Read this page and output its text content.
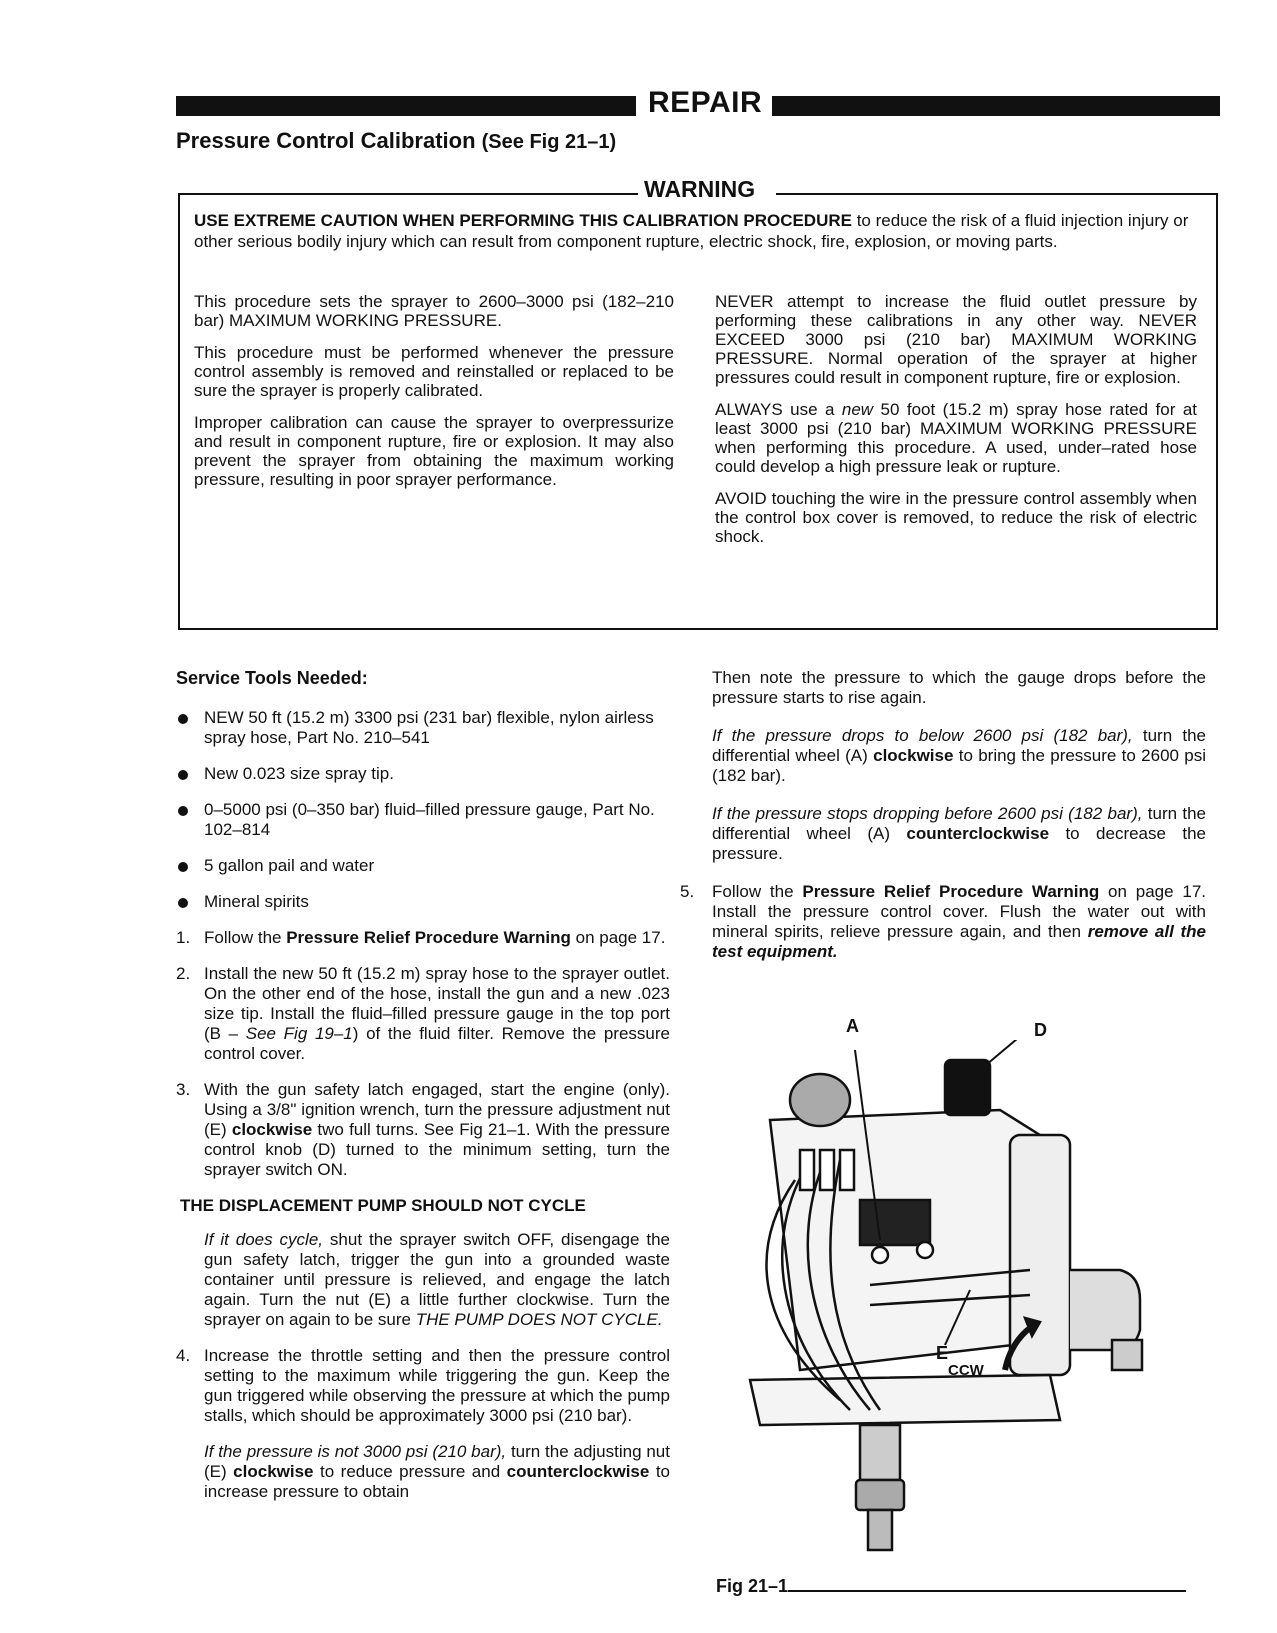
REPAIR
Pressure Control Calibration (See Fig 21–1)
WARNING
USE EXTREME CAUTION WHEN PERFORMING THIS CALIBRATION PROCEDURE to reduce the risk of a fluid injection injury or other serious bodily injury which can result from component rupture, electric shock, fire, explosion, or moving parts.

This procedure sets the sprayer to 2600–3000 psi (182–210 bar) MAXIMUM WORKING PRESSURE.

This procedure must be performed whenever the pressure control assembly is removed and reinstalled or replaced to be sure the sprayer is properly calibrated.

Improper calibration can cause the sprayer to overpressurize and result in component rupture, fire or explosion. It may also prevent the sprayer from obtaining the maximum working pressure, resulting in poor sprayer performance.

NEVER attempt to increase the fluid outlet pressure by performing these calibrations in any other way. NEVER EXCEED 3000 psi (210 bar) MAXIMUM WORKING PRESSURE. Normal operation of the sprayer at higher pressures could result in component rupture, fire or explosion.

ALWAYS use a new 50 foot (15.2 m) spray hose rated for at least 3000 psi (210 bar) MAXIMUM WORKING PRESSURE when performing this procedure. A used, under–rated hose could develop a high pressure leak or rupture.

AVOID touching the wire in the pressure control assembly when the control box cover is removed, to reduce the risk of electric shock.

Service Tools Needed:
NEW 50 ft (15.2 m) 3300 psi (231 bar) flexible, nylon airless spray hose, Part No. 210–541
New 0.023 size spray tip.
0–5000 psi (0–350 bar) fluid–filled pressure gauge, Part No. 102–814
5 gallon pail and water
Mineral spirits
1. Follow the Pressure Relief Procedure Warning on page 17.
2. Install the new 50 ft (15.2 m) spray hose to the sprayer outlet. On the other end of the hose, install the gun and a new .023 size tip. Install the fluid–filled pressure gauge in the top port (B – See Fig 19–1) of the fluid filter. Remove the pressure control cover.
3. With the gun safety latch engaged, start the engine (only). Using a 3/8" ignition wrench, turn the pressure adjustment nut (E) clockwise two full turns. See Fig 21–1. With the pressure control knob (D) turned to the minimum setting, turn the sprayer switch ON.
THE DISPLACEMENT PUMP SHOULD NOT CYCLE
If it does cycle, shut the sprayer switch OFF, disengage the gun safety latch, trigger the gun into a grounded waste container until pressure is relieved, and engage the latch again. Turn the nut (E) a little further clockwise. Turn the sprayer on again to be sure THE PUMP DOES NOT CYCLE.
4. Increase the throttle setting and then the pressure control setting to the maximum while triggering the gun. Keep the gun triggered while observing the pressure at which the pump stalls, which should be approximately 3000 psi (210 bar).
If the pressure is not 3000 psi (210 bar), turn the adjusting nut (E) clockwise to reduce pressure and counterclockwise to increase pressure to obtain
Then note the pressure to which the gauge drops before the pressure starts to rise again.
If the pressure drops to below 2600 psi (182 bar), turn the differential wheel (A) clockwise to bring the pressure to 2600 psi (182 bar).
If the pressure stops dropping before 2600 psi (182 bar), turn the differential wheel (A) counterclockwise to decrease the pressure.
5. Follow the Pressure Relief Procedure Warning on page 17. Install the pressure control cover. Flush the water out with mineral spirits, relieve pressure again, and then remove all the test equipment.
A	D
E
CCW
Fig 21–1
